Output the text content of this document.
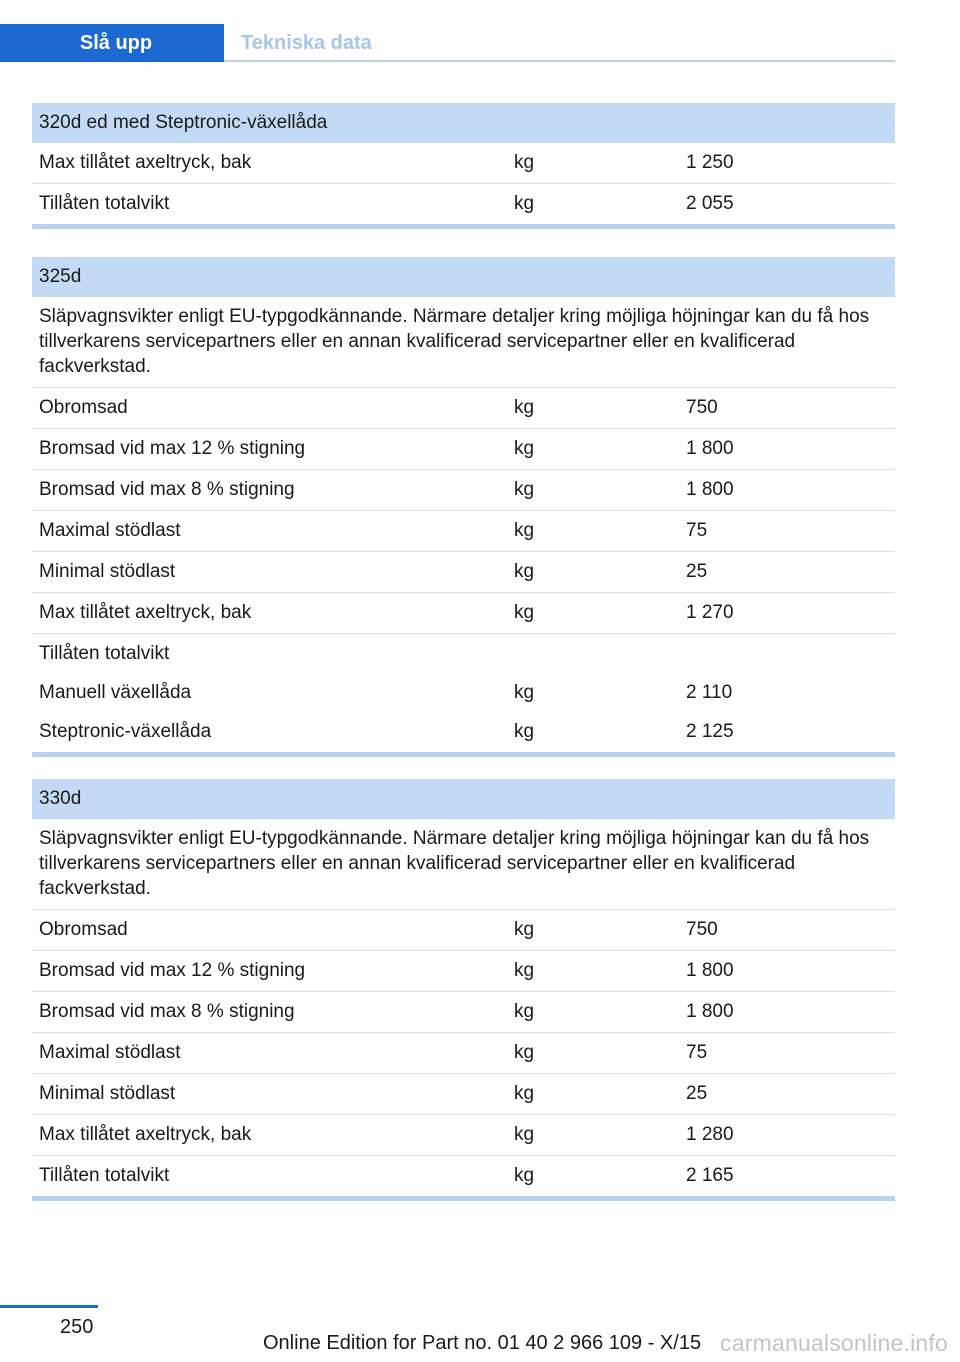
Slå upp	Tekniska data
320d ed med Steptronic-växellåda
Max tillåtet axeltryck, bak	kg	1 250
Tillåten totalvikt	kg	2 055
325d
Släpvagnsvikter enligt EU-typgodkännande. Närmare detaljer kring möjliga höjningar kan du få hos tillverkarens servicepartners eller en annan kvalificerad servicepartner eller en kvalificerad fackverkstad.
Obromsad	kg	750
Bromsad vid max 12 % stigning	kg	1 800
Bromsad vid max 8 % stigning	kg	1 800
Maximal stödlast	kg	75
Minimal stödlast	kg	25
Max tillåtet axeltryck, bak	kg	1 270
Tillåten totalvikt
Manuell växellåda	kg	2 110
Steptronic-växellåda	kg	2 125
330d
Släpvagnsvikter enligt EU-typgodkännande. Närmare detaljer kring möjliga höjningar kan du få hos tillverkarens servicepartners eller en annan kvalificerad servicepartner eller en kvalificerad fackverkstad.
Obromsad	kg	750
Bromsad vid max 12 % stigning	kg	1 800
Bromsad vid max 8 % stigning	kg	1 800
Maximal stödlast	kg	75
Minimal stödlast	kg	25
Max tillåtet axeltryck, bak	kg	1 280
Tillåten totalvikt	kg	2 165
250
Online Edition for Part no. 01 40 2 966 109 - X/15 carmanualsonline.info
